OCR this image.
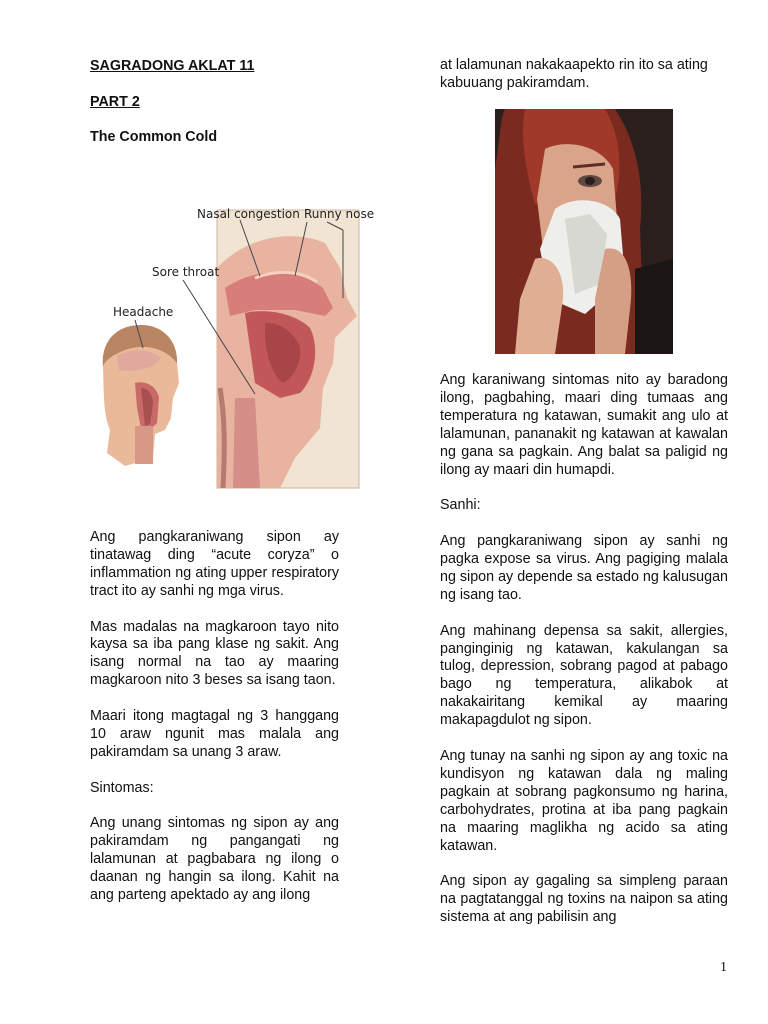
SAGRADONG AKLAT 11

PART 2

The Common Cold

Nasal congestion Runny nose
Sore throat
Headache

Ang pangkaraniwang sipon ay tinatawag ding “acute coryza” o inflammation ng ating upper respiratory tract ito ay sanhi ng mga virus.

Mas madalas na magkaroon tayo nito kaysa sa iba pang klase ng sakit. Ang isang normal na tao ay maaring magkaroon nito 3 beses sa isang taon.

Maari itong magtagal ng 3 hanggang 10 araw ngunit mas malala ang pakiramdam sa unang 3 araw.

Sintomas:

Ang unang sintomas ng sipon ay ang pakiramdam ng pangangati ng lalamunan at pagbabara ng ilong o daanan ng hangin sa ilong. Kahit na ang parteng apektado ay ang ilong

at lalamunan nakakaapekto rin ito sa ating kabuuang pakiramdam.

Ang karaniwang sintomas nito ay baradong ilong, pagbahing, maari ding tumaas ang temperatura ng katawan, sumakit ang ulo at lalamunan, pananakit ng katawan at kawalan ng gana sa pagkain. Ang balat sa paligid ng ilong ay maari din humapdi.

Sanhi:

Ang pangkaraniwang sipon ay sanhi ng pagka expose sa virus. Ang pagiging malala ng sipon ay depende sa estado ng kalusugan ng isang tao.

Ang mahinang depensa sa sakit, allergies, panginginig ng katawan, kakulangan sa tulog, depression, sobrang pagod at pabago bago ng temperatura, alikabok at nakakairitang kemikal ay maaring makapagdulot ng sipon.

Ang tunay na sanhi ng sipon ay ang toxic na kundisyon ng katawan dala ng maling pagkain at sobrang pagkonsumo ng harina, carbohydrates, protina at iba pang pagkain na maaring maglikha ng acido sa ating katawan.

Ang sipon ay gagaling sa simpleng paraan na pagtatanggal ng toxins na naipon sa ating sistema at ang pabilisin ang

1
